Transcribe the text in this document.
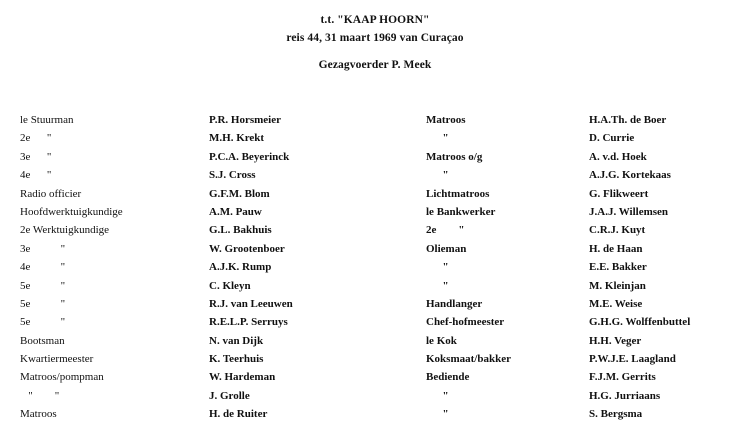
t.t. "KAAP HOORN"
reis 44, 31 maart 1969 van Curaçao
Gezagvoerder P. Meek
le Stuurman
2e      "
3e      "
4e      "
Radio officier
Hoofdwerktuigkundige
2e Werktuigkundige
3e           "
4e           "
5e           "
5e           "
5e           "
Bootsman
Kwartiermeester
Matroos/pompman
"        "
Matroos
P.R. Horsmeier
M.H. Krekt
P.C.A. Beyerinck
S.J. Cross
G.F.M. Blom
A.M. Pauw
G.L. Bakhuis
W. Grootenboer
A.J.K. Rump
C. Kleyn
R.J. van Leeuwen
R.E.L.P. Serruys
N. van Dijk
K. Teerhuis
W. Hardeman
J. Grolle
H. de Ruiter
Matroos
"
Matroos o/g
"
Lichtmatroos
le Bankwerker
2e        "
Olieman
"
"
Handlanger
Chef-hofmeester
le Kok
Koksmaat/bakker
Bediende
"
"
H.A.Th. de Boer
D. Currie
A. v.d. Hoek
A.J.G. Kortekaas
G. Flikweert
J.A.J. Willemsen
C.R.J. Kuyt
H. de Haan
E.E. Bakker
M. Kleinjan
M.E. Weise
G.H.G. Wolffenbuttel
H.H. Veger
P.W.J.E. Laagland
F.J.M. Gerrits
H.G. Jurriaans
S. Bergsma
